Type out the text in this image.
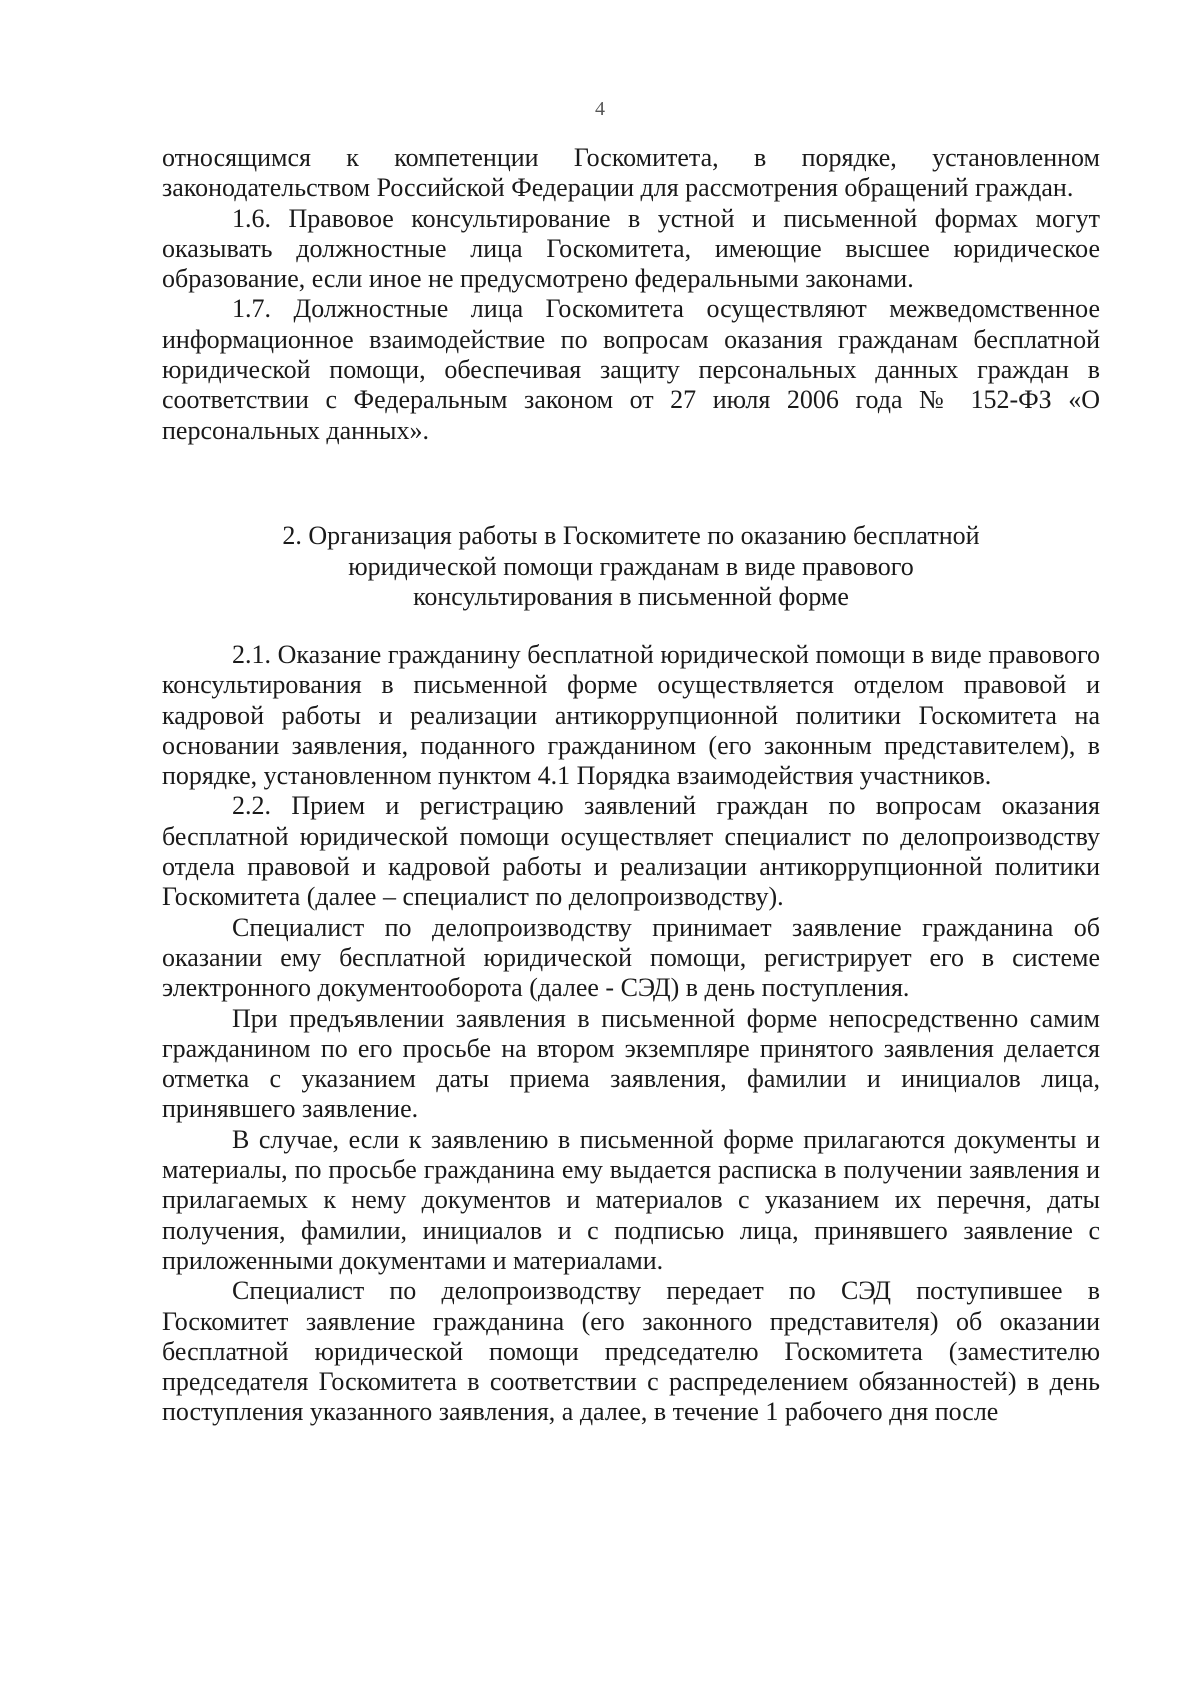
4

относящимся к компетенции Госкомитета, в порядке, установленном законодательством Российской Федерации для рассмотрения обращений граждан.

1.6. Правовое консультирование в устной и письменной формах могут оказывать должностные лица Госкомитета, имеющие высшее юридическое образование, если иное не предусмотрено федеральными законами.

1.7. Должностные лица Госкомитета осуществляют межведомственное информационное взаимодействие по вопросам оказания гражданам бесплатной юридической помощи, обеспечивая защиту персональных данных граждан в соответствии с Федеральным законом от 27 июля 2006 года № 152-ФЗ «О персональных данных».

2. Организация работы в Госкомитете по оказанию бесплатной
юридической помощи гражданам в виде правового
консультирования в письменной форме

2.1. Оказание гражданину бесплатной юридической помощи в виде правового консультирования в письменной форме осуществляется отделом правовой и кадровой работы и реализации антикоррупционной политики Госкомитета на основании заявления, поданного гражданином (его законным представителем), в порядке, установленном пунктом 4.1 Порядка взаимодействия участников.

2.2. Прием и регистрацию заявлений граждан по вопросам оказания бесплатной юридической помощи осуществляет специалист по делопроизводству отдела правовой и кадровой работы и реализации антикоррупционной политики Госкомитета (далее – специалист по делопроизводству).

Специалист по делопроизводству принимает заявление гражданина об оказании ему бесплатной юридической помощи, регистрирует его в системе электронного документооборота (далее - СЭД) в день поступления.

При предъявлении заявления в письменной форме непосредственно самим гражданином по его просьбе на втором экземпляре принятого заявления делается отметка с указанием даты приема заявления, фамилии и инициалов лица, принявшего заявление.

В случае, если к заявлению в письменной форме прилагаются документы и материалы, по просьбе гражданина ему выдается расписка в получении заявления и прилагаемых к нему документов и материалов с указанием их перечня, даты получения, фамилии, инициалов и с подписью лица, принявшего заявление с приложенными документами и материалами.

Специалист по делопроизводству передает по СЭД поступившее в Госкомитет заявление гражданина (его законного представителя) об оказании бесплатной юридической помощи председателю Госкомитета (заместителю председателя Госкомитета в соответствии с распределением обязанностей) в день поступления указанного заявления, а далее, в течение 1 рабочего дня после
